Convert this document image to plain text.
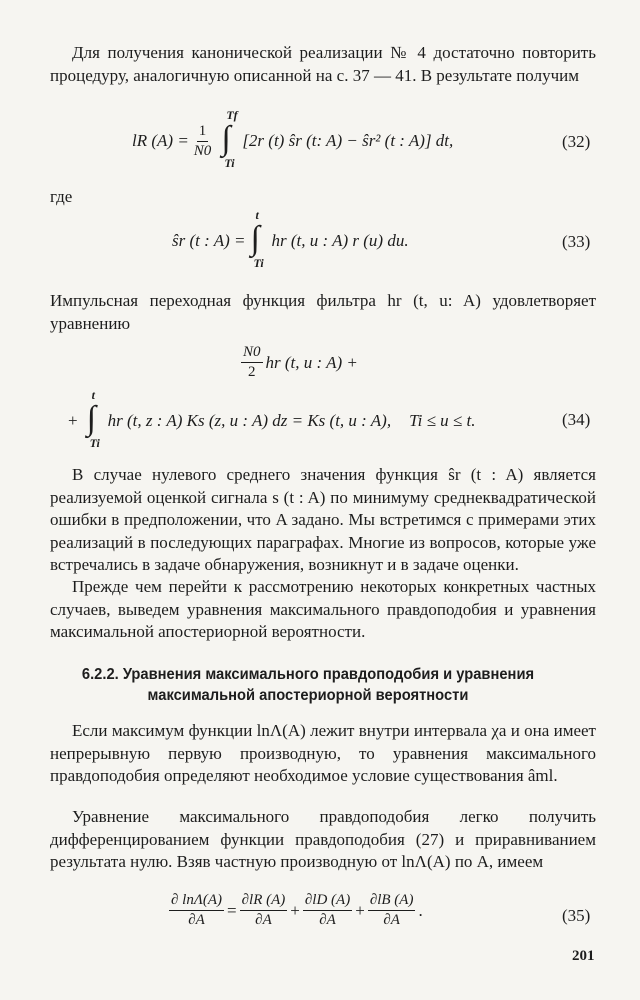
Для получения канонической реализации № 4 достаточно повторить процедуру, аналогичную описанной на с. 37 — 41. В результате получим

lR $(A) = \frac{1}{N0}$ ∫
Tf
Ti
[2r (t) ŝr (t: A) − ŝr² (t : A)] dt,	(32)

где

ŝr (t : A) = ∫
t
Ti
hr (t, u : A) r (u) du.	(33)

Импульсная переходная функция фильтра hr (t, u: A) удовлетворяет уравнению

$\frac{N0}{2}$ hr (t, u : A) +
+ ∫
t
Ti
hr (t, z : A) Ks (z, u : A) dz = Ks (t, u : A), Ti ≤ u ≤ t.	(34)

В случае нулевого среднего значения функция ŝr (t : A) является реализуемой оценкой сигнала s (t : A) по минимуму среднеквадратической ошибки в предположении, что A задано. Мы встретимся с примерами этих реализаций в последующих параграфах. Многие из вопросов, которые уже встречались в задаче обнаружения, возникнут и в задаче оценки.

Прежде чем перейти к рассмотрению некоторых конкретных частных случаев, выведем уравнения максимального правдоподобия и уравнения максимальной апостериорной вероятности.

6.2.2. Уравнения максимального правдоподобия и уравнения
максимальной апостериорной вероятности

Если максимум функции lnΛ(A) лежит внутри интервала χa и она имеет непрерывную первую производную, то уравнения максимального правдоподобия определяют необходимое условие существования âml.

Уравнение максимального правдоподобия легко получить дифференцированием функции правдоподобия (27) и приравниванием результата нулю. Взяв частную производную от lnΛ(A) по A, имеем

$\frac{\partial \ln\Lambda(A)}{\partial A} = \frac{\partial lR (A)}{\partial A} + \frac{\partial lD (A)}{\partial A} + \frac{\partial lB (A)}{\partial A}$ .	(35)
201
